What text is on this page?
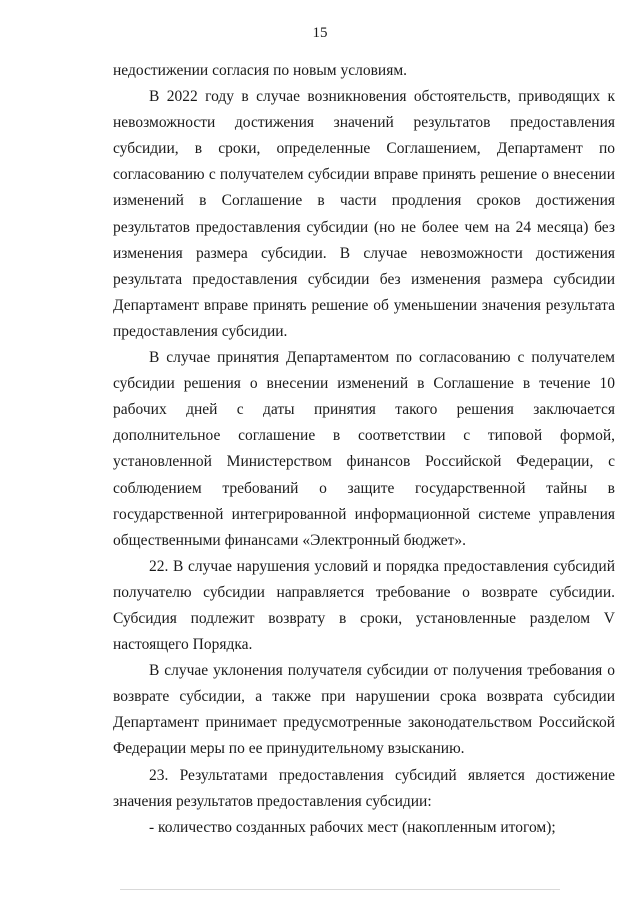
15

недостижении согласия по новым условиям.

В 2022 году в случае возникновения обстоятельств, приводящих к невозможности достижения значений результатов предоставления субсидии, в сроки, определенные Соглашением, Департамент по согласованию с получателем субсидии вправе принять решение о внесении изменений в Соглашение в части продления сроков достижения результатов предоставления субсидии (но не более чем на 24 месяца) без изменения размера субсидии. В случае невозможности достижения результата предоставления субсидии без изменения размера субсидии Департамент вправе принять решение об уменьшении значения результата предоставления субсидии.

В случае принятия Департаментом по согласованию с получателем субсидии решения о внесении изменений в Соглашение в течение 10 рабочих дней с даты принятия такого решения заключается дополнительное соглашение в соответствии с типовой формой, установленной Министерством финансов Российской Федерации, с соблюдением требований о защите государственной тайны в государственной интегрированной информационной системе управления общественными финансами «Электронный бюджет».

22. В случае нарушения условий и порядка предоставления субсидий получателю субсидии направляется требование о возврате субсидии. Субсидия подлежит возврату в сроки, установленные разделом V настоящего Порядка.

В случае уклонения получателя субсидии от получения требования о возврате субсидии, а также при нарушении срока возврата субсидии Департамент принимает предусмотренные законодательством Российской Федерации меры по ее принудительному взысканию.

23. Результатами предоставления субсидий является достижение значения результатов предоставления субсидии:

- количество созданных рабочих мест (накопленным итогом);
